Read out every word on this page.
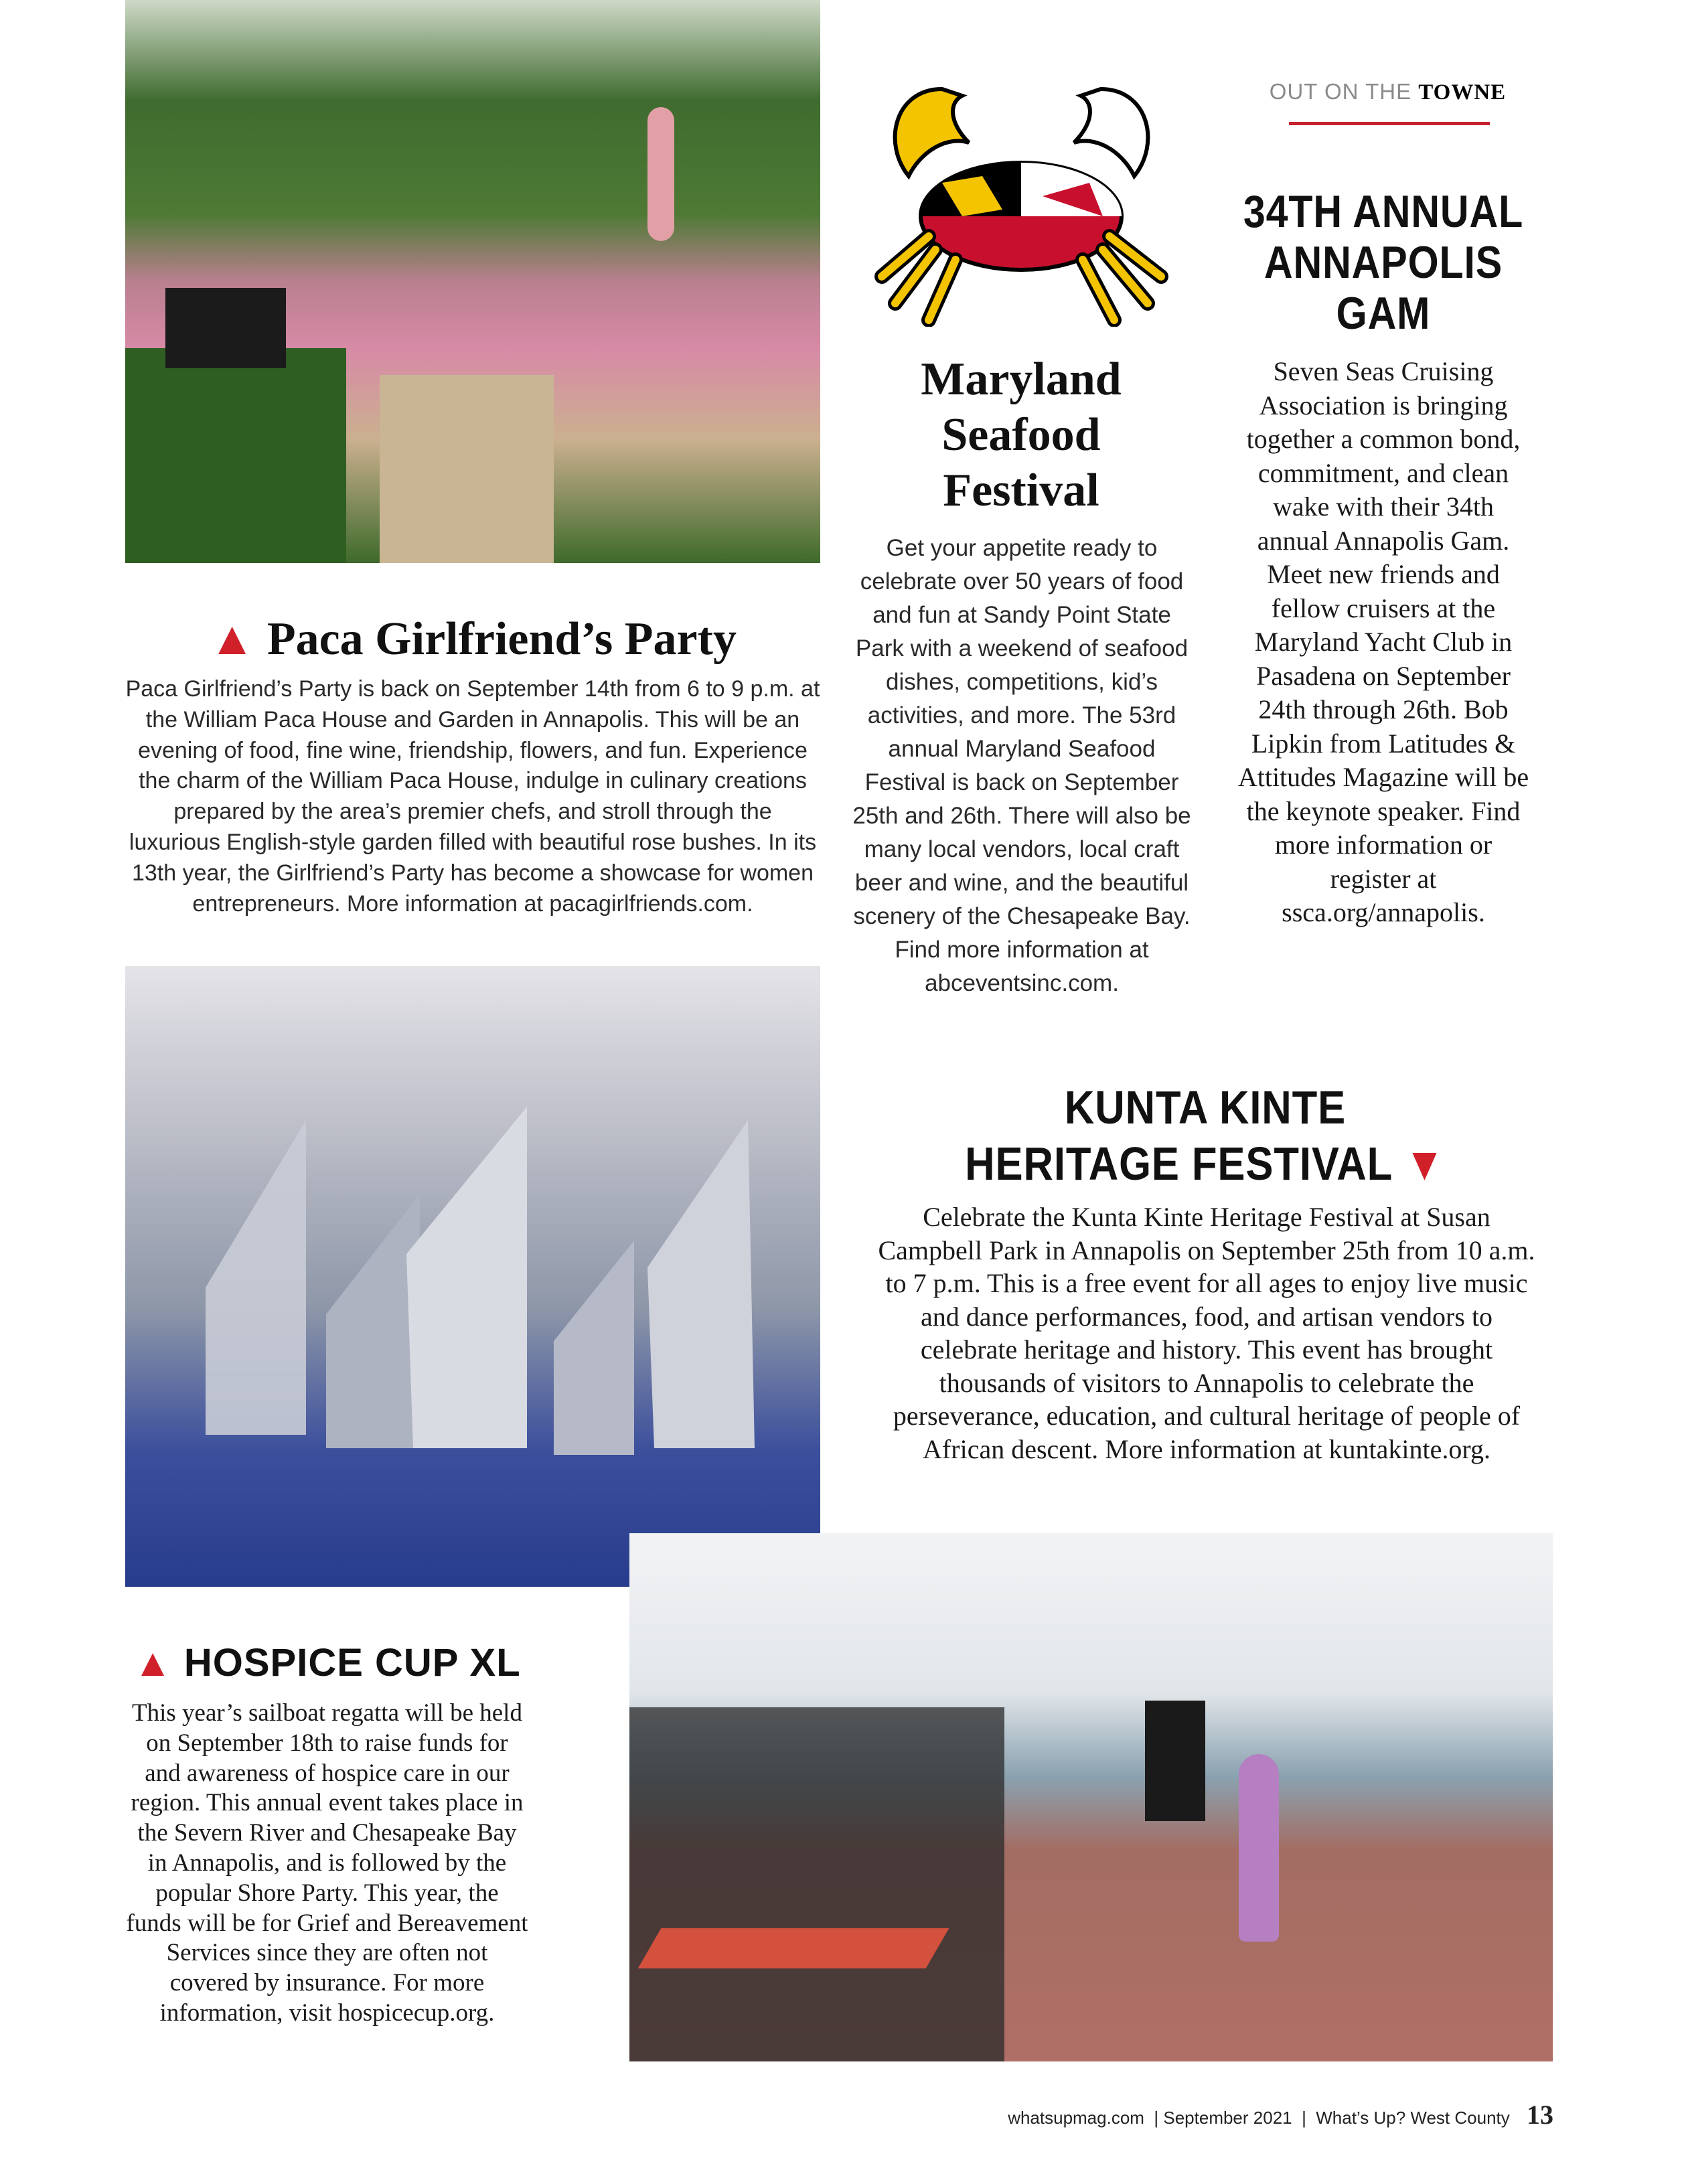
OUT ON THE TOWNE
34TH ANNUAL ANNAPOLIS GAM
Seven Seas Cruising Association is bringing together a common bond, commitment, and clean wake with their 34th annual Annapolis Gam. Meet new friends and fellow cruisers at the Maryland Yacht Club in Pasadena on September 24th through 26th. Bob Lipkin from Latitudes & Attitudes Magazine will be the keynote speaker. Find more information or register at ssca.org/annapolis.
Maryland Seafood Festival
Get your appetite ready to celebrate over 50 years of food and fun at Sandy Point State Park with a weekend of seafood dishes, competitions, kid’s activities, and more. The 53rd annual Maryland Seafood Festival is back on September 25th and 26th. There will also be many local vendors, local craft beer and wine, and the beautiful scenery of the Chesapeake Bay. Find more information at abceventsinc.com.
▲ Paca Girlfriend’s Party
Paca Girlfriend’s Party is back on September 14th from 6 to 9 p.m. at the William Paca House and Garden in Annapolis. This will be an evening of food, fine wine, friendship, flowers, and fun. Experience the charm of the William Paca House, indulge in culinary creations prepared by the area’s premier chefs, and stroll through the luxurious English-style garden filled with beautiful rose bushes. In its 13th year, the Girlfriend’s Party has become a showcase for women entrepreneurs. More information at pacagirlfriends.com.
KUNTA KINTE
HERITAGE FESTIVAL ▼
Celebrate the Kunta Kinte Heritage Festival at Susan Campbell Park in Annapolis on September 25th from 10 a.m. to 7 p.m. This is a free event for all ages to enjoy live music and dance performances, food, and artisan vendors to celebrate heritage and history. This event has brought thousands of visitors to Annapolis to celebrate the perseverance, education, and cultural heritage of people of African descent. More information at kuntakinte.org.
▲ HOSPICE CUP XL
This year’s sailboat regatta will be held on September 18th to raise funds for and awareness of hospice care in our region. This annual event takes place in the Severn River and Chesapeake Bay in Annapolis, and is followed by the popular Shore Party. This year, the funds will be for Grief and Bereavement Services since they are often not covered by insurance. For more information, visit hospicecup.org.
whatsupmag.com  | September 2021  |  What’s Up? West County 13
